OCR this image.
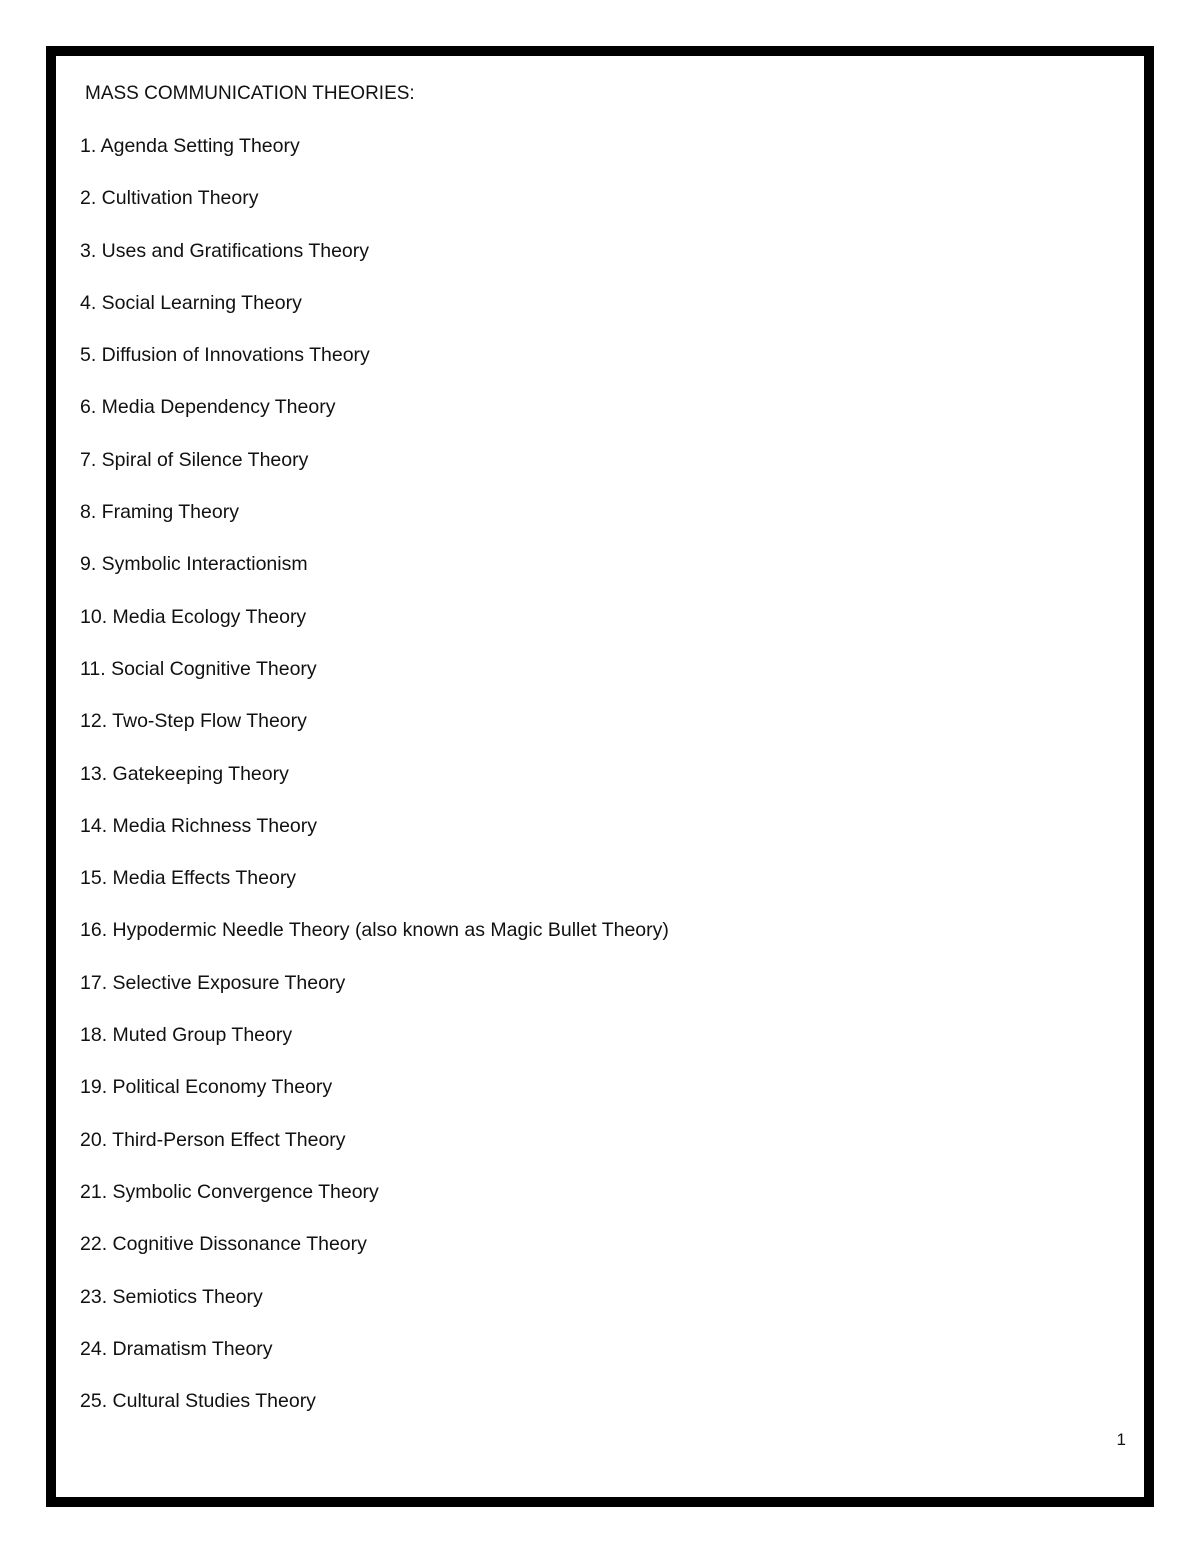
MASS COMMUNICATION THEORIES:
1. Agenda Setting Theory
2. Cultivation Theory
3. Uses and Gratifications Theory
4. Social Learning Theory
5. Diffusion of Innovations Theory
6. Media Dependency Theory
7. Spiral of Silence Theory
8. Framing Theory
9. Symbolic Interactionism
10. Media Ecology Theory
11. Social Cognitive Theory
12. Two-Step Flow Theory
13. Gatekeeping Theory
14. Media Richness Theory
15. Media Effects Theory
16. Hypodermic Needle Theory (also known as Magic Bullet Theory)
17. Selective Exposure Theory
18. Muted Group Theory
19. Political Economy Theory
20. Third-Person Effect Theory
21. Symbolic Convergence Theory
22. Cognitive Dissonance Theory
23. Semiotics Theory
24. Dramatism Theory
25. Cultural Studies Theory
1
